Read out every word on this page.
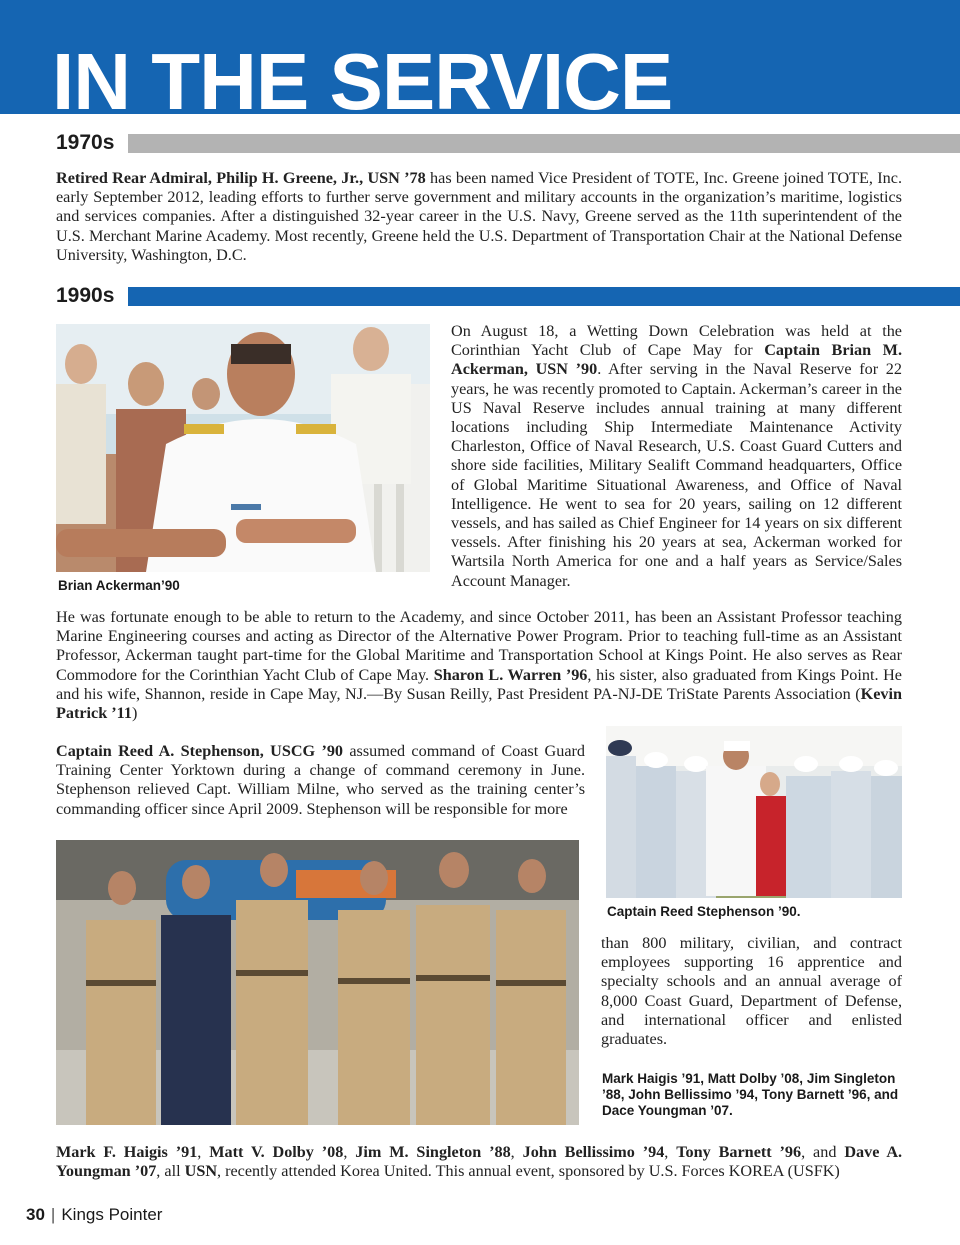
IN THE SERVICE
1970s

Retired Rear Admiral, Philip H. Greene, Jr., USN ’78 has been named Vice President of TOTE, Inc. Greene joined TOTE, Inc. early September 2012, leading efforts to further serve government and military accounts in the organization’s maritime, logistics and services companies. After a distinguished 32-year career in the U.S. Navy, Greene served as the 11th superintendent of the U.S. Merchant Marine Academy. Most recently, Greene held the U.S. Department of Transportation Chair at the National Defense University, Washington, D.C.

1990s

On August 18, a Wetting Down Celebration was held at the Corinthian Yacht Club of Cape May for Captain Brian M. Ackerman, USN ’90. After serving in the Naval Reserve for 22 years, he was recently promoted to Captain. Ackerman’s career in the US Naval Reserve includes annual training at many different locations including Ship Intermediate Maintenance Activity Charleston, Office of Naval Research, U.S. Coast Guard Cutters and shore side facilities, Military Sealift Command headquarters, Office of Global Maritime Situational Awareness, and Office of Naval Intelligence. He went to sea for 20 years, sailing on 12 different vessels, and has sailed as Chief Engineer for 14 years on six different vessels. After finishing his 20 years at sea, Ackerman worked for Wartsila North America for one and a half years as Service/Sales Account Manager.

Brian Ackerman’90

He was fortunate enough to be able to return to the Academy, and since October 2011, has been an Assistant Professor teaching Marine Engineering courses and acting as Director of the Alternative Power Program. Prior to teaching full-time as an Assistant Professor, Ackerman taught part-time for the Global Maritime and Transportation School at Kings Point. He also serves as Rear Commodore for the Corinthian Yacht Club of Cape May. Sharon L. Warren ’96, his sister, also graduated from Kings Point. He and his wife, Shannon, reside in Cape May, NJ.—By Susan Reilly, Past President PA-NJ-DE TriState Parents Association (Kevin Patrick ’11)

Captain Reed A. Stephenson, USCG ’90 assumed command of Coast Guard Training Center Yorktown during a change of command ceremony in June. Stephenson relieved Capt. William Milne, who served as the training center’s commanding officer since April 2009. Stephenson will be responsible for more

Captain Reed Stephenson ’90.

than 800 military, civilian, and contract employees supporting 16 apprentice and specialty schools and an annual average of 8,000 Coast Guard, Department of Defense, and international officer and enlisted graduates.

Mark Haigis ’91, Matt Dolby ’08, Jim Singleton ’88, John Bellissimo ’94, Tony Barnett ’96, and Dace Youngman ’07.

Mark F. Haigis ’91, Matt V. Dolby ’08, Jim M. Singleton ’88, John Bellissimo ’94, Tony Barnett ’96, and Dave A. Youngman ’07, all USN, recently attended Korea United. This annual event, sponsored by U.S. Forces KOREA (USFK)

30 | Kings Pointer
